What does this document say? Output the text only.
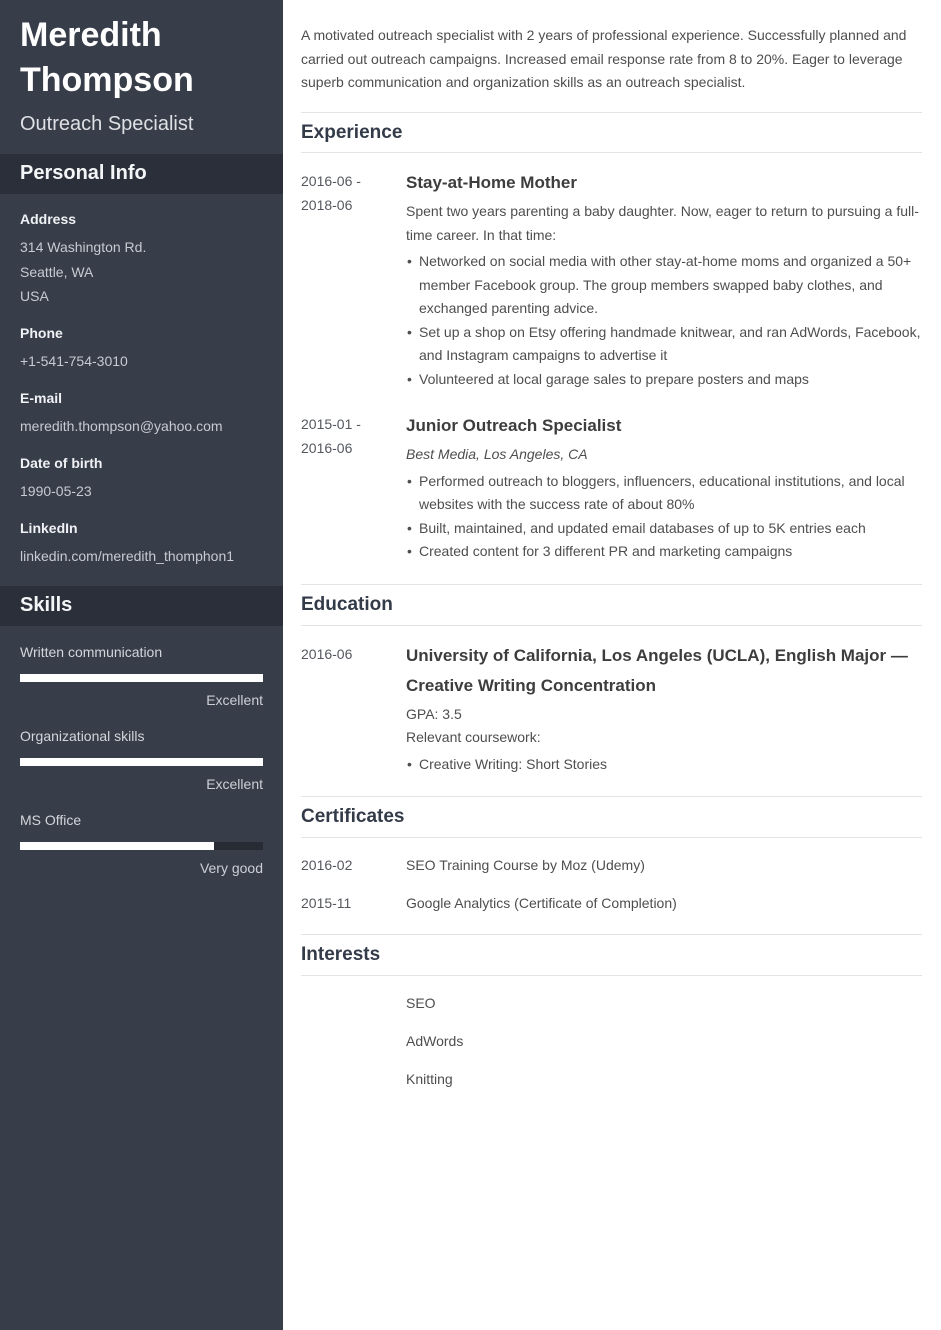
Meredith Thompson
Outreach Specialist
Personal Info
Address
314 Washington Rd.
Seattle, WA
USA
Phone
+1-541-754-3010
E-mail
meredith.thompson@yahoo.com
Date of birth
1990-05-23
LinkedIn
linkedin.com/meredith_thomphon1
Skills
Written communication
Excellent
Organizational skills
Excellent
MS Office
Very good

A motivated outreach specialist with 2 years of professional experience. Successfully planned and carried out outreach campaigns. Increased email response rate from 8 to 20%. Eager to leverage superb communication and organization skills as an outreach specialist.

Experience
2016-06 -
2018-06
Stay-at-Home Mother

Spent two years parenting a baby daughter. Now, eager to return to pursuing a full-time career. In that time:

• Networked on social media with other stay-at-home moms and organized a 50+ member Facebook group. The group members swapped baby clothes, and exchanged parenting advice.
• Set up a shop on Etsy offering handmade knitwear, and ran AdWords, Facebook, and Instagram campaigns to advertise it
• Volunteered at local garage sales to prepare posters and maps
2015-01 -
2016-06
Junior Outreach Specialist
Best Media, Los Angeles, CA
• Performed outreach to bloggers, influencers, educational institutions, and local websites with the success rate of about 80%
• Built, maintained, and updated email databases of up to 5K entries each
• Created content for 3 different PR and marketing campaigns
Education
2016-06	University of California, Los Angeles (UCLA), English Major —Creative Writing Concentration

GPA: 3.5

Relevant coursework:

• Creative Writing: Short Stories
Certificates
2016-02	SEO Training Course by Moz (Udemy)
2015-11	Google Analytics (Certificate of Completion)
Interests
SEO
AdWords
Knitting
